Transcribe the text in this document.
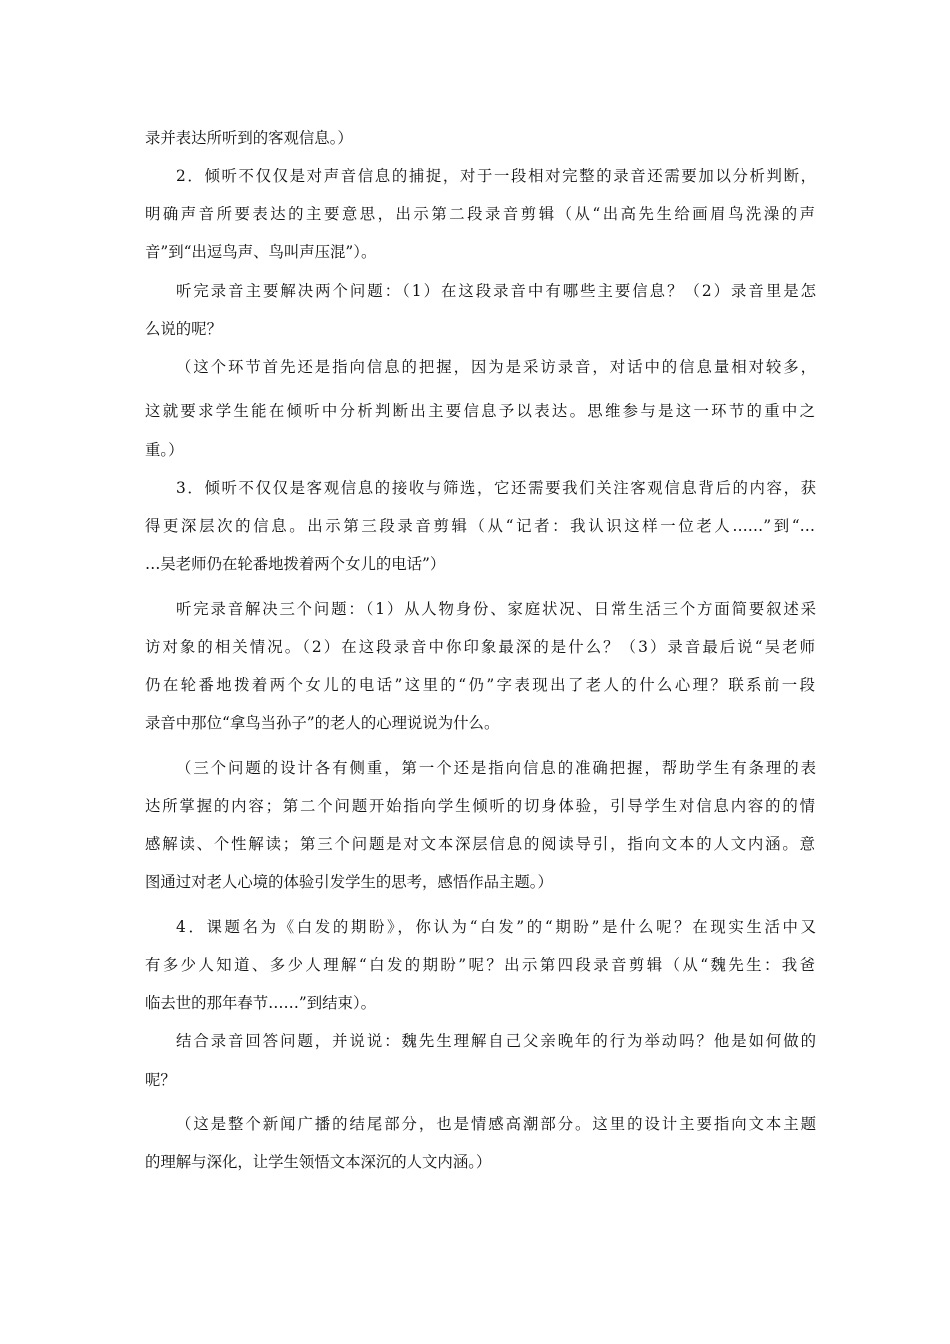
录并表达所听到的客观信息。）
2．倾听不仅仅是对声音信息的捕捉，对于一段相对完整的录音还需要加以分析判断，
明确声音所要表达的主要意思，出示第二段录音剪辑（从“出高先生给画眉鸟洗澡的声
音”到“出逗鸟声、鸟叫声压混”）。
听完录音主要解决两个问题：（1）在这段录音中有哪些主要信息？（2）录音里是怎
么说的呢？
（这个环节首先还是指向信息的把握，因为是采访录音，对话中的信息量相对较多，
这就要求学生能在倾听中分析判断出主要信息予以表达。思维参与是这一环节的重中之
重。）
3．倾听不仅仅是客观信息的接收与筛选，它还需要我们关注客观信息背后的内容，获
得更深层次的信息。出示第三段录音剪辑（从“记者：我认识这样一位老人……”到“…
…吴老师仍在轮番地拨着两个女儿的电话”）
听完录音解决三个问题：（1）从人物身份、家庭状况、日常生活三个方面简要叙述采
访对象的相关情况。（2）在这段录音中你印象最深的是什么？（3）录音最后说“吴老师
仍在轮番地拨着两个女儿的电话”这里的“仍”字表现出了老人的什么心理？联系前一段
录音中那位“拿鸟当孙子”的老人的心理说说为什么。
（三个问题的设计各有侧重，第一个还是指向信息的准确把握，帮助学生有条理的表
达所掌握的内容；第二个问题开始指向学生倾听的切身体验，引导学生对信息内容的的情
感解读、个性解读；第三个问题是对文本深层信息的阅读导引，指向文本的人文内涵。意
图通过对老人心境的体验引发学生的思考，感悟作品主题。）
4．课题名为《白发的期盼》，你认为“白发”的“期盼”是什么呢？在现实生活中又
有多少人知道、多少人理解“白发的期盼”呢？出示第四段录音剪辑（从“魏先生：我爸
临去世的那年春节……”到结束）。
结合录音回答问题，并说说：魏先生理解自己父亲晚年的行为举动吗？他是如何做的
呢？
（这是整个新闻广播的结尾部分，也是情感高潮部分。这里的设计主要指向文本主题
的理解与深化，让学生领悟文本深沉的人文内涵。）
